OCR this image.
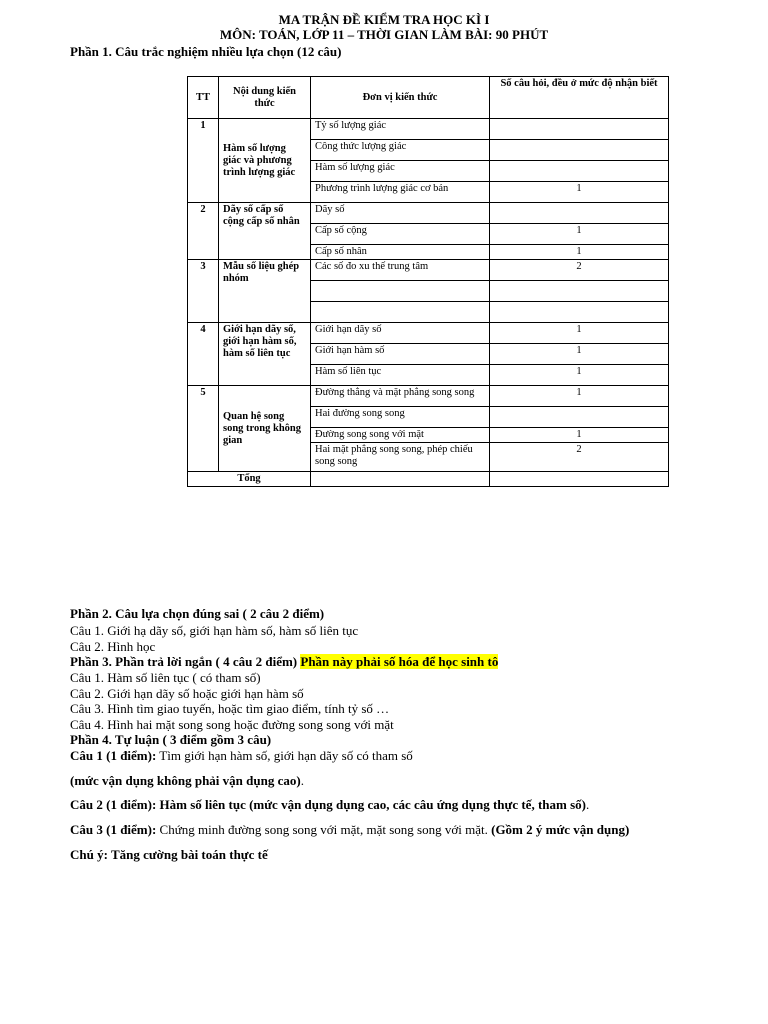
MA TRẬN ĐỀ KIỂM TRA HỌC KÌ I
MÔN: TOÁN, LỚP 11 – THỜI GIAN LÀM BÀI: 90 PHÚT
Phần 1. Câu trắc nghiệm nhiều lựa chọn (12 câu)
TT	Nội dung kiến thức	Đơn vị kiến thức	Số câu hỏi, đều ở mức độ nhận biết
1	Hàm số lượng giác và phương trình lượng giác	Tỷ số lượng giác	
		Công thức lượng giác	
		Hàm số lượng giác	
		Phương trình lượng giác cơ bản	1
2	Dãy số cấp số cộng cấp số nhân	Dãy số	
		Cấp số cộng	1
		Cấp số nhân	1
3	Mẫu số liệu ghép nhóm	Các số đo xu thế trung tâm	2

4	Giới hạn dãy số, giới hạn hàm số, hàm số liên tục	Giới hạn dãy số	1
		Giới hạn hàm số	1
		Hàm số liên tục	1
5	Quan hệ song song trong không gian	Đường thẳng và mặt phẳng song song	1
		Hai đường song song	
		Đường song song với mặt	1
		Hai mặt phẳng song song, phép chiếu song song	2
Tổng			
Phần 2. Câu lựa chọn đúng sai ( 2 câu 2 điểm)
Câu 1. Giới hạ dãy số, giới hạn hàm số, hàm số liên tục
Câu 2. Hình học
Phần 3. Phần trả lời ngắn ( 4 câu 2 điểm) Phần này phải số hóa để học sinh tô
Câu 1. Hàm số liên tục ( có tham số)
Câu 2. Giới hạn dãy số hoặc giới hạn hàm số
Câu 3. Hình tìm giao tuyến, hoặc tìm giao điểm, tính tỷ số …
Câu 4. Hình hai mặt song song hoặc đường song song với mặt
Phần 4. Tự luận ( 3 điểm gồm 3 câu)
Câu 1 (1 điểm): Tìm giới hạn hàm số, giới hạn dãy số có tham số
(mức vận dụng không phải vận dụng cao).
Câu 2 (1 điểm): Hàm số liên tục (mức vận dụng dụng cao, các câu ứng dụng thực tế, tham số).
Câu 3 (1 điểm): Chứng minh đường song song với mặt, mặt song song với mặt. (Gồm 2 ý mức vận dụng)
Chú ý: Tăng cường bài toán thực tế
